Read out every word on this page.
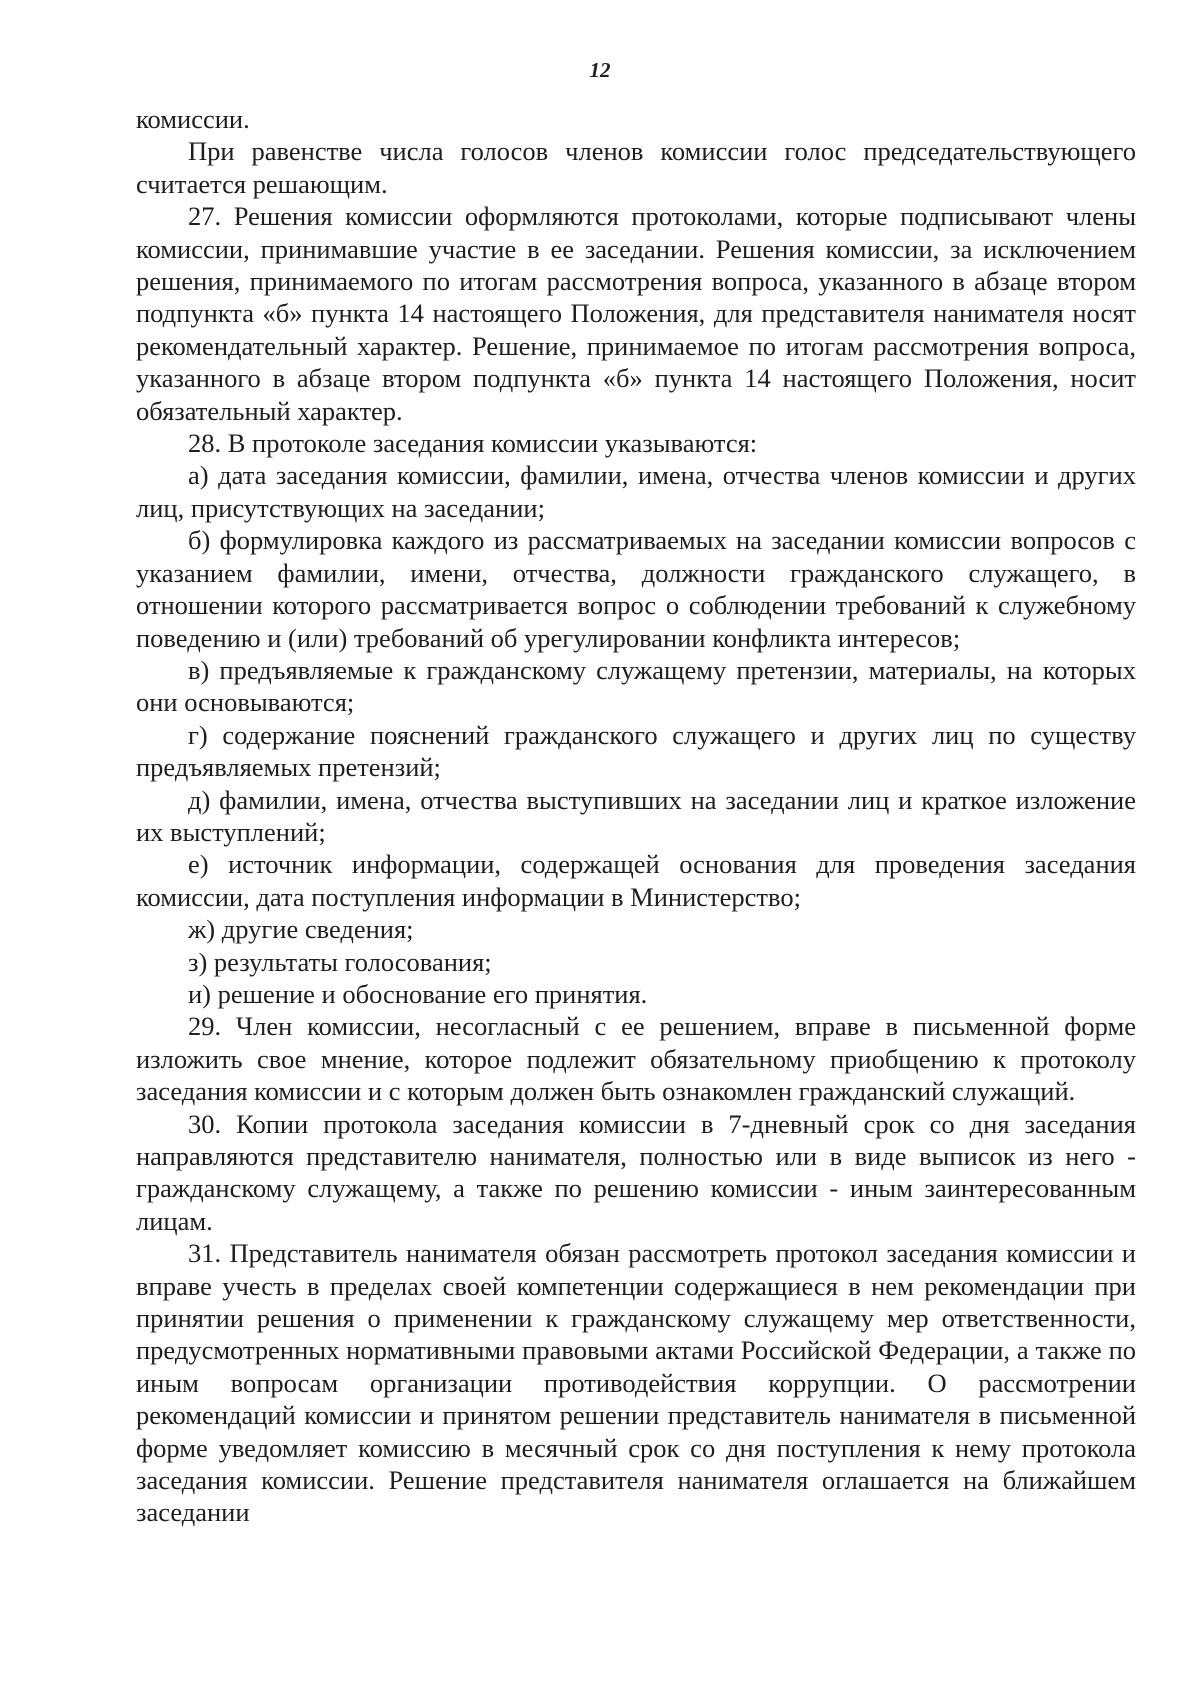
12

комиссии.

При равенстве числа голосов членов комиссии голос председательствующего считается решающим.

27. Решения комиссии оформляются протоколами, которые подписывают члены комиссии, принимавшие участие в ее заседании. Решения комиссии, за исключением решения, принимаемого по итогам рассмотрения вопроса, указанного в абзаце втором подпункта «б» пункта 14 настоящего Положения, для представителя нанимателя носят рекомендательный характер. Решение, принимаемое по итогам рассмотрения вопроса, указанного в абзаце втором подпункта «б» пункта 14 настоящего Положения, носит обязательный характер.

28. В протоколе заседания комиссии указываются:

а) дата заседания комиссии, фамилии, имена, отчества членов комиссии и других лиц, присутствующих на заседании;

б) формулировка каждого из рассматриваемых на заседании комиссии вопросов с указанием фамилии, имени, отчества, должности гражданского служащего, в отношении которого рассматривается вопрос о соблюдении требований к служебному поведению и (или) требований об урегулировании конфликта интересов;

в) предъявляемые к гражданскому служащему претензии, материалы, на которых они основываются;

г) содержание пояснений гражданского служащего и других лиц по существу предъявляемых претензий;

д) фамилии, имена, отчества выступивших на заседании лиц и краткое изложение их выступлений;

е) источник информации, содержащей основания для проведения заседания комиссии, дата поступления информации в Министерство;

ж) другие сведения;

з) результаты голосования;

и) решение и обоснование его принятия.

29. Член комиссии, несогласный с ее решением, вправе в письменной форме изложить свое мнение, которое подлежит обязательному приобщению к протоколу заседания комиссии и с которым должен быть ознакомлен гражданский служащий.

30. Копии протокола заседания комиссии в 7-дневный срок со дня заседания направляются представителю нанимателя, полностью или в виде выписок из него - гражданскому служащему, а также по решению комиссии - иным заинтересованным лицам.

31. Представитель нанимателя обязан рассмотреть протокол заседания комиссии и вправе учесть в пределах своей компетенции содержащиеся в нем рекомендации при принятии решения о применении к гражданскому служащему мер ответственности, предусмотренных нормативными правовыми актами Российской Федерации, а также по иным вопросам организации противодействия коррупции. О рассмотрении рекомендаций комиссии и принятом решении представитель нанимателя в письменной форме уведомляет комиссию в месячный срок со дня поступления к нему протокола заседания комиссии. Решение представителя нанимателя оглашается на ближайшем заседании
